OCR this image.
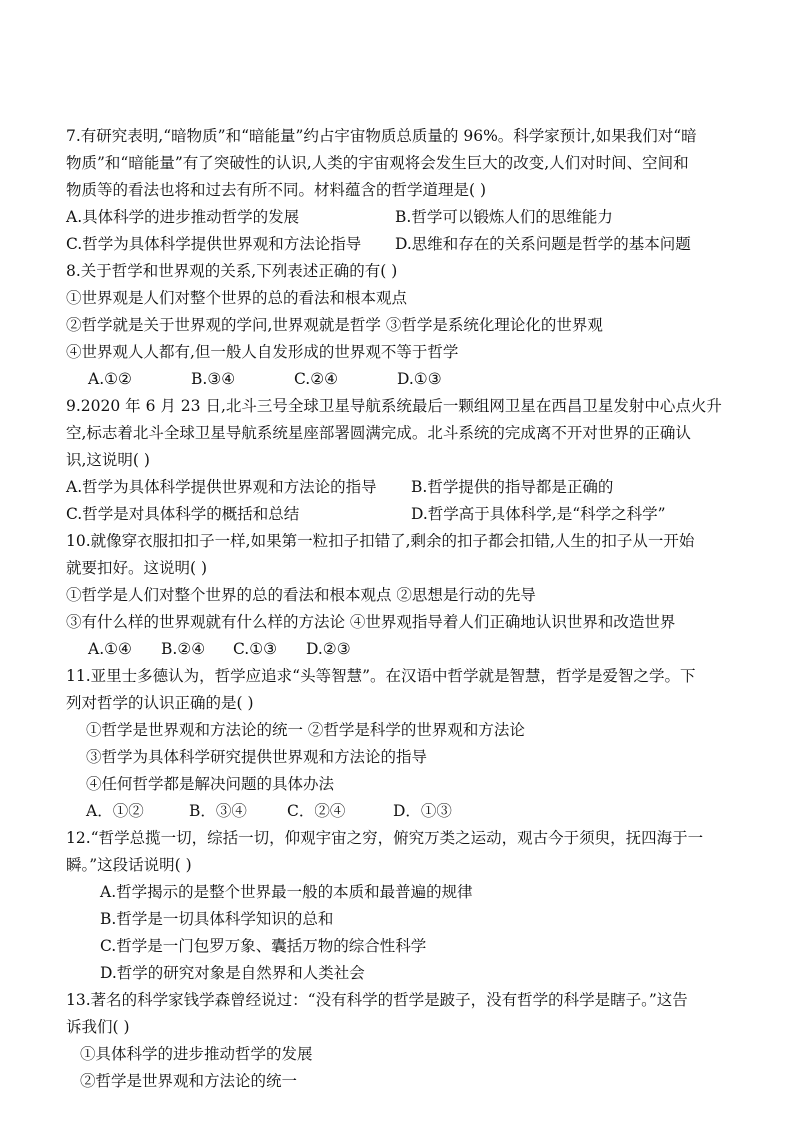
7.有研究表明,“暗物质”和“暗能量”约占宇宙物质总质量的 96%。科学家预计,如果我们对“暗
物质”和“暗能量”有了突破性的认识,人类的宇宙观将会发生巨大的改变,人们对时间、空间和
物质等的看法也将和过去有所不同。材料蕴含的哲学道理是( )
A.具体科学的进步推动哲学的发展	B.哲学可以锻炼人们的思维能力
C.哲学为具体科学提供世界观和方法论指导 D.思维和存在的关系问题是哲学的基本问题
8.关于哲学和世界观的关系,下列表述正确的有( )
①世界观是人们对整个世界的总的看法和根本观点
②哲学就是关于世界观的学问,世界观就是哲学 ③哲学是系统化理论化的世界观
④世界观人人都有,但一般人自发形成的世界观不等于哲学
A.①②	B.③④	C.②④	D.①③
9.2020 年 6 月 23 日,北斗三号全球卫星导航系统最后一颗组网卫星在西昌卫星发射中心点火升
空,标志着北斗全球卫星导航系统星座部署圆满完成。北斗系统的完成离不开对世界的正确认
识,这说明( )
A.哲学为具体科学提供世界观和方法论的指导 B.哲学提供的指导都是正确的
C.哲学是对具体科学的概括和总结	D.哲学高于具体科学,是“科学之科学”
10.就像穿衣服扣扣子一样,如果第一粒扣子扣错了,剩余的扣子都会扣错,人生的扣子从一开始
就要扣好。这说明( )
①哲学是人们对整个世界的总的看法和根本观点 ②思想是行动的先导
③有什么样的世界观就有什么样的方法论 ④世界观指导着人们正确地认识世界和改造世界
A.①④ B.②④ C.①③ D.②③
11.亚里士多德认为，哲学应追求“头等智慧”。在汉语中哲学就是智慧，哲学是爱智之学。下
列对哲学的认识正确的是( )
①哲学是世界观和方法论的统一 ②哲学是科学的世界观和方法论
③哲学为具体科学研究提供世界观和方法论的指导
④任何哲学都是解决问题的具体办法
A．①②	B．③④	C．②④	D．①③
12.“哲学总揽一切，综括一切，仰观宇宙之穷，俯究万类之运动，观古今于须臾，抚四海于一
瞬。”这段话说明( )
A.哲学揭示的是整个世界最一般的本质和最普遍的规律
B.哲学是一切具体科学知识的总和
C.哲学是一门包罗万象、囊括万物的综合性科学
D.哲学的研究对象是自然界和人类社会
13.著名的科学家钱学森曾经说过：“没有科学的哲学是跛子，没有哲学的科学是瞎子。”这告
诉我们( )
①具体科学的进步推动哲学的发展
②哲学是世界观和方法论的统一
